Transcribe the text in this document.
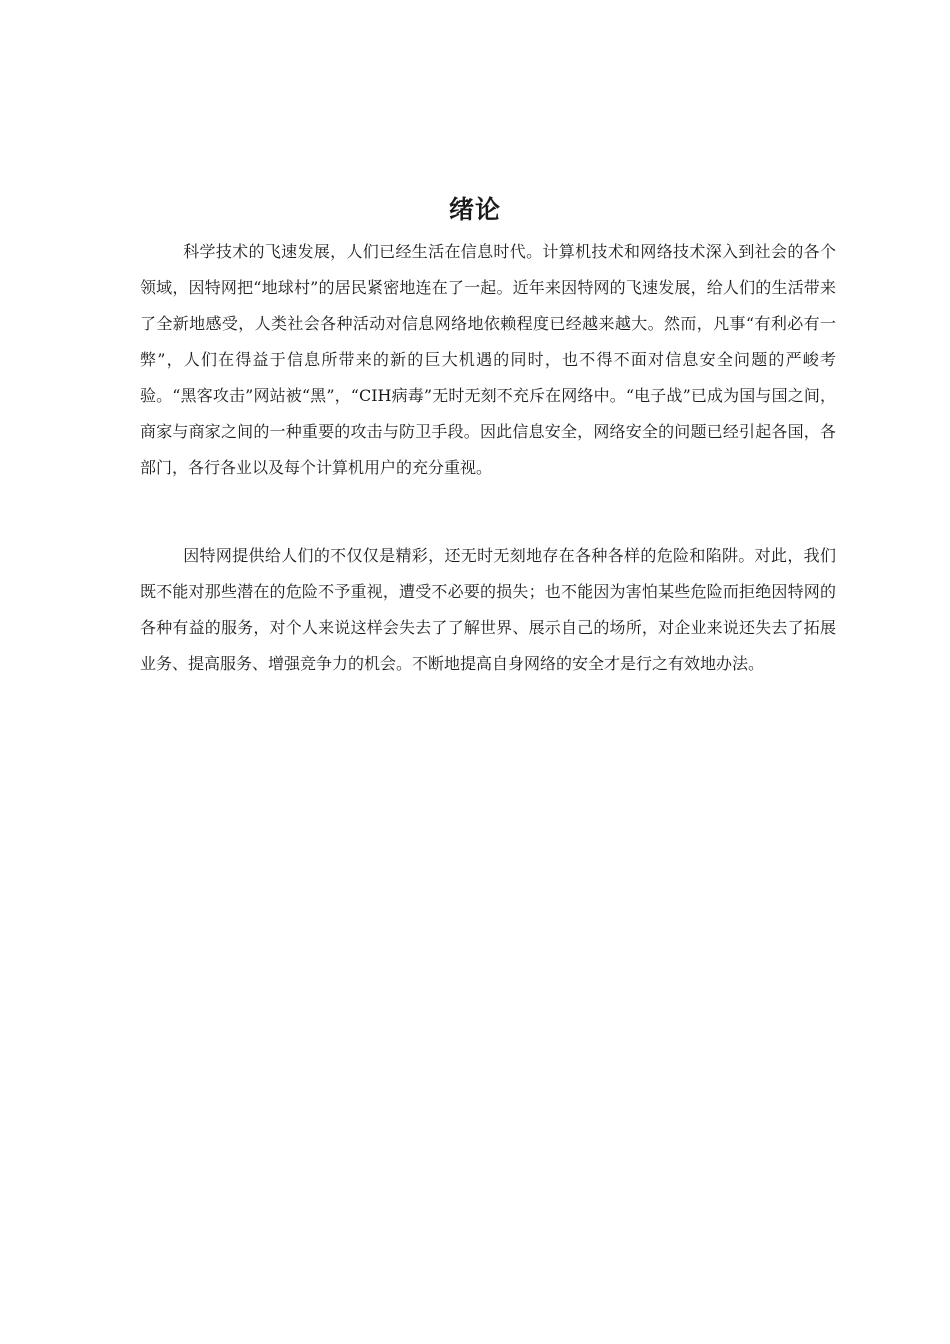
绪论

科学技术的飞速发展，人们已经生活在信息时代。计算机技术和网络技术深入到社会的各个领域，因特网把“地球村”的居民紧密地连在了一起。近年来因特网的飞速发展，给人们的生活带来了全新地感受，人类社会各种活动对信息网络地依赖程度已经越来越大。然而，凡事“有利必有一弊”，人们在得益于信息所带来的新的巨大机遇的同时，也不得不面对信息安全问题的严峻考验。“黑客攻击”网站被“黑”，“CIH病毒”无时无刻不充斥在网络中。“电子战”已成为国与国之间，商家与商家之间的一种重要的攻击与防卫手段。因此信息安全，网络安全的问题已经引起各国，各部门，各行各业以及每个计算机用户的充分重视。

因特网提供给人们的不仅仅是精彩，还无时无刻地存在各种各样的危险和陷阱。对此，我们既不能对那些潜在的危险不予重视，遭受不必要的损失；也不能因为害怕某些危险而拒绝因特网的各种有益的服务，对个人来说这样会失去了了解世界、展示自己的场所，对企业来说还失去了拓展业务、提高服务、增强竞争力的机会。不断地提高自身网络的安全才是行之有效地办法。
